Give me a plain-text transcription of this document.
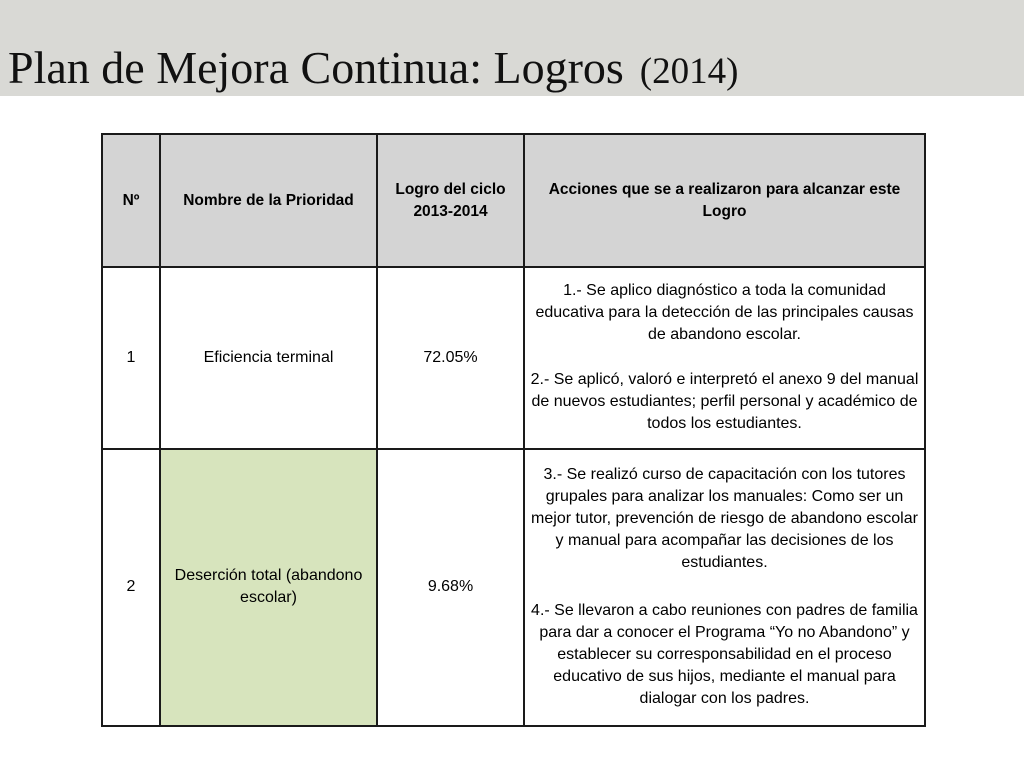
Plan de Mejora Continua: Logros (2014)
Nº	Nombre de la Prioridad	Logro del ciclo 2013-2014	Acciones que se a realizaron para alcanzar este Logro
1	Eficiencia terminal	72.05%	1.- Se aplico diagnóstico a toda la comunidad educativa para la detección de las principales causas de abandono escolar.
2.- Se aplicó, valoró e interpretó el anexo 9 del manual de nuevos estudiantes; perfil personal y académico de todos los estudiantes.

2	Deserción total (abandono escolar)	9.68%	3.- Se realizó curso de capacitación con los tutores grupales para analizar los manuales: Como ser un mejor tutor, prevención de riesgo de abandono escolar y manual para acompañar las decisiones de los estudiantes.
4.- Se llevaron a cabo reuniones con padres de familia para dar a conocer el Programa “Yo no Abandono” y establecer su corresponsabilidad en el proceso educativo de sus hijos, mediante el manual para dialogar con los padres.
